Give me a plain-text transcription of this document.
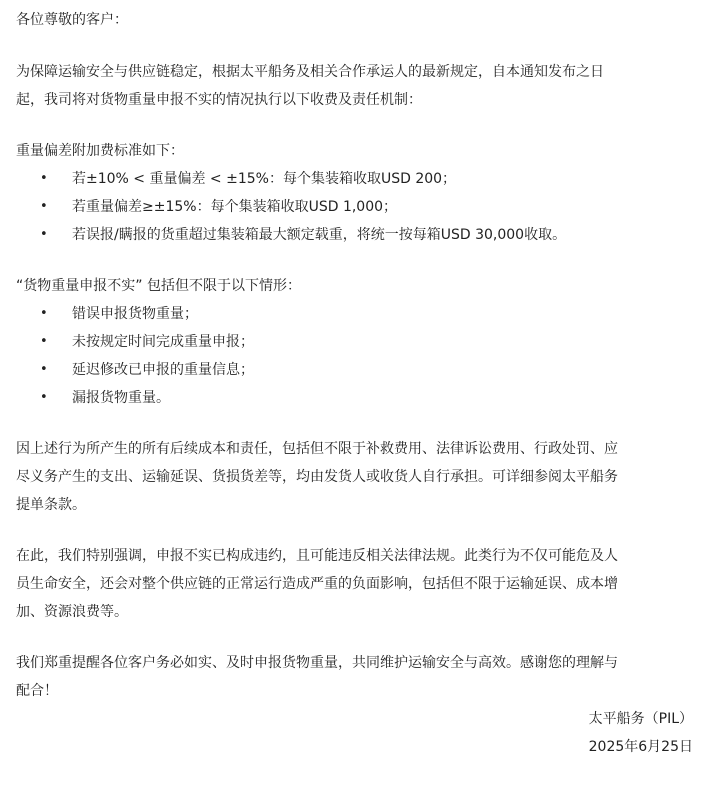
各位尊敬的客户：

为保障运输安全与供应链稳定，根据太平船务及相关合作承运人的最新规定，自本通知发布之日

起，我司将对货物重量申报不实的情况执行以下收费及责任机制：

重量偏差附加费标准如下：

• 若±10% < 重量偏差 < ±15%：每个集装箱收取USD 200；
• 若重量偏差≥±15%：每个集装箱收取USD 1,000；
• 若误报/瞒报的货重超过集装箱最大额定载重，将统一按每箱USD 30,000收取。

“货物重量申报不实” 包括但不限于以下情形：

• 错误申报货物重量；
• 未按规定时间完成重量申报；
• 延迟修改已申报的重量信息；
• 漏报货物重量。

因上述行为所产生的所有后续成本和责任，包括但不限于补救费用、法律诉讼费用、行政处罚、应

尽义务产生的支出、运输延误、货损货差等，均由发货人或收货人自行承担。可详细参阅太平船务

提单条款。

在此，我们特别强调，申报不实已构成违约，且可能违反相关法律法规。此类行为不仅可能危及人

员生命安全，还会对整个供应链的正常运行造成严重的负面影响，包括但不限于运输延误、成本增

加、资源浪费等。

我们郑重提醒各位客户务必如实、及时申报货物重量，共同维护运输安全与高效。感谢您的理解与

配合！

太平船务（PIL）

2025年6月25日
